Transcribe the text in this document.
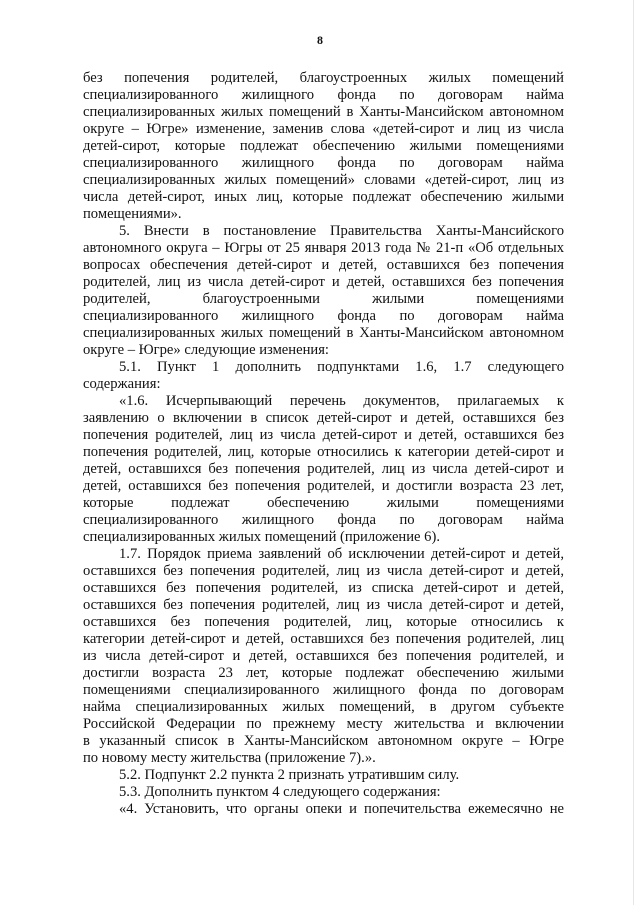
8
без попечения родителей, благоустроенных жилых помещений
специализированного жилищного фонда по договорам найма
специализированных жилых помещений в Ханты-Мансийском автономном
округе – Югре» изменение, заменив слова «детей-сирот и лиц из числа
детей-сирот, которые подлежат обеспечению жилыми помещениями
специализированного жилищного фонда по договорам найма
специализированных жилых помещений» словами «детей-сирот, лиц из
числа детей-сирот, иных лиц, которые подлежат обеспечению жилыми
помещениями».
5. Внести в постановление Правительства Ханты-Мансийского
автономного округа – Югры от 25 января 2013 года № 21-п «Об отдельных
вопросах обеспечения детей-сирот и детей, оставшихся без попечения
родителей, лиц из числа детей-сирот и детей, оставшихся без попечения
родителей, благоустроенными жилыми помещениями
специализированного жилищного фонда по договорам найма
специализированных жилых помещений в Ханты-Мансийском автономном
округе – Югре» следующие изменения:
5.1. Пункт 1 дополнить подпунктами 1.6, 1.7 следующего
содержания:
«1.6. Исчерпывающий перечень документов, прилагаемых к
заявлению о включении в список детей-сирот и детей, оставшихся без
попечения родителей, лиц из числа детей-сирот и детей, оставшихся без
попечения родителей, лиц, которые относились к категории детей-сирот и
детей, оставшихся без попечения родителей, лиц из числа детей-сирот и
детей, оставшихся без попечения родителей, и достигли возраста 23 лет,
которые подлежат обеспечению жилыми помещениями
специализированного жилищного фонда по договорам найма
специализированных жилых помещений (приложение 6).
1.7. Порядок приема заявлений об исключении детей-сирот и детей,
оставшихся без попечения родителей, лиц из числа детей-сирот и детей,
оставшихся без попечения родителей, из списка детей-сирот и детей,
оставшихся без попечения родителей, лиц из числа детей-сирот и детей,
оставшихся без попечения родителей, лиц, которые относились к
категории детей-сирот и детей, оставшихся без попечения родителей, лиц
из числа детей-сирот и детей, оставшихся без попечения родителей, и
достигли возраста 23 лет, которые подлежат обеспечению жилыми
помещениями специализированного жилищного фонда по договорам
найма специализированных жилых помещений, в другом субъекте
Российской Федерации по прежнему месту жительства и включении
в указанный список в Ханты-Мансийском автономном округе – Югре
по новому месту жительства (приложение 7).».
5.2. Подпункт 2.2 пункта 2 признать утратившим силу.
5.3. Дополнить пунктом 4 следующего содержания:
«4. Установить, что органы опеки и попечительства ежемесячно не
